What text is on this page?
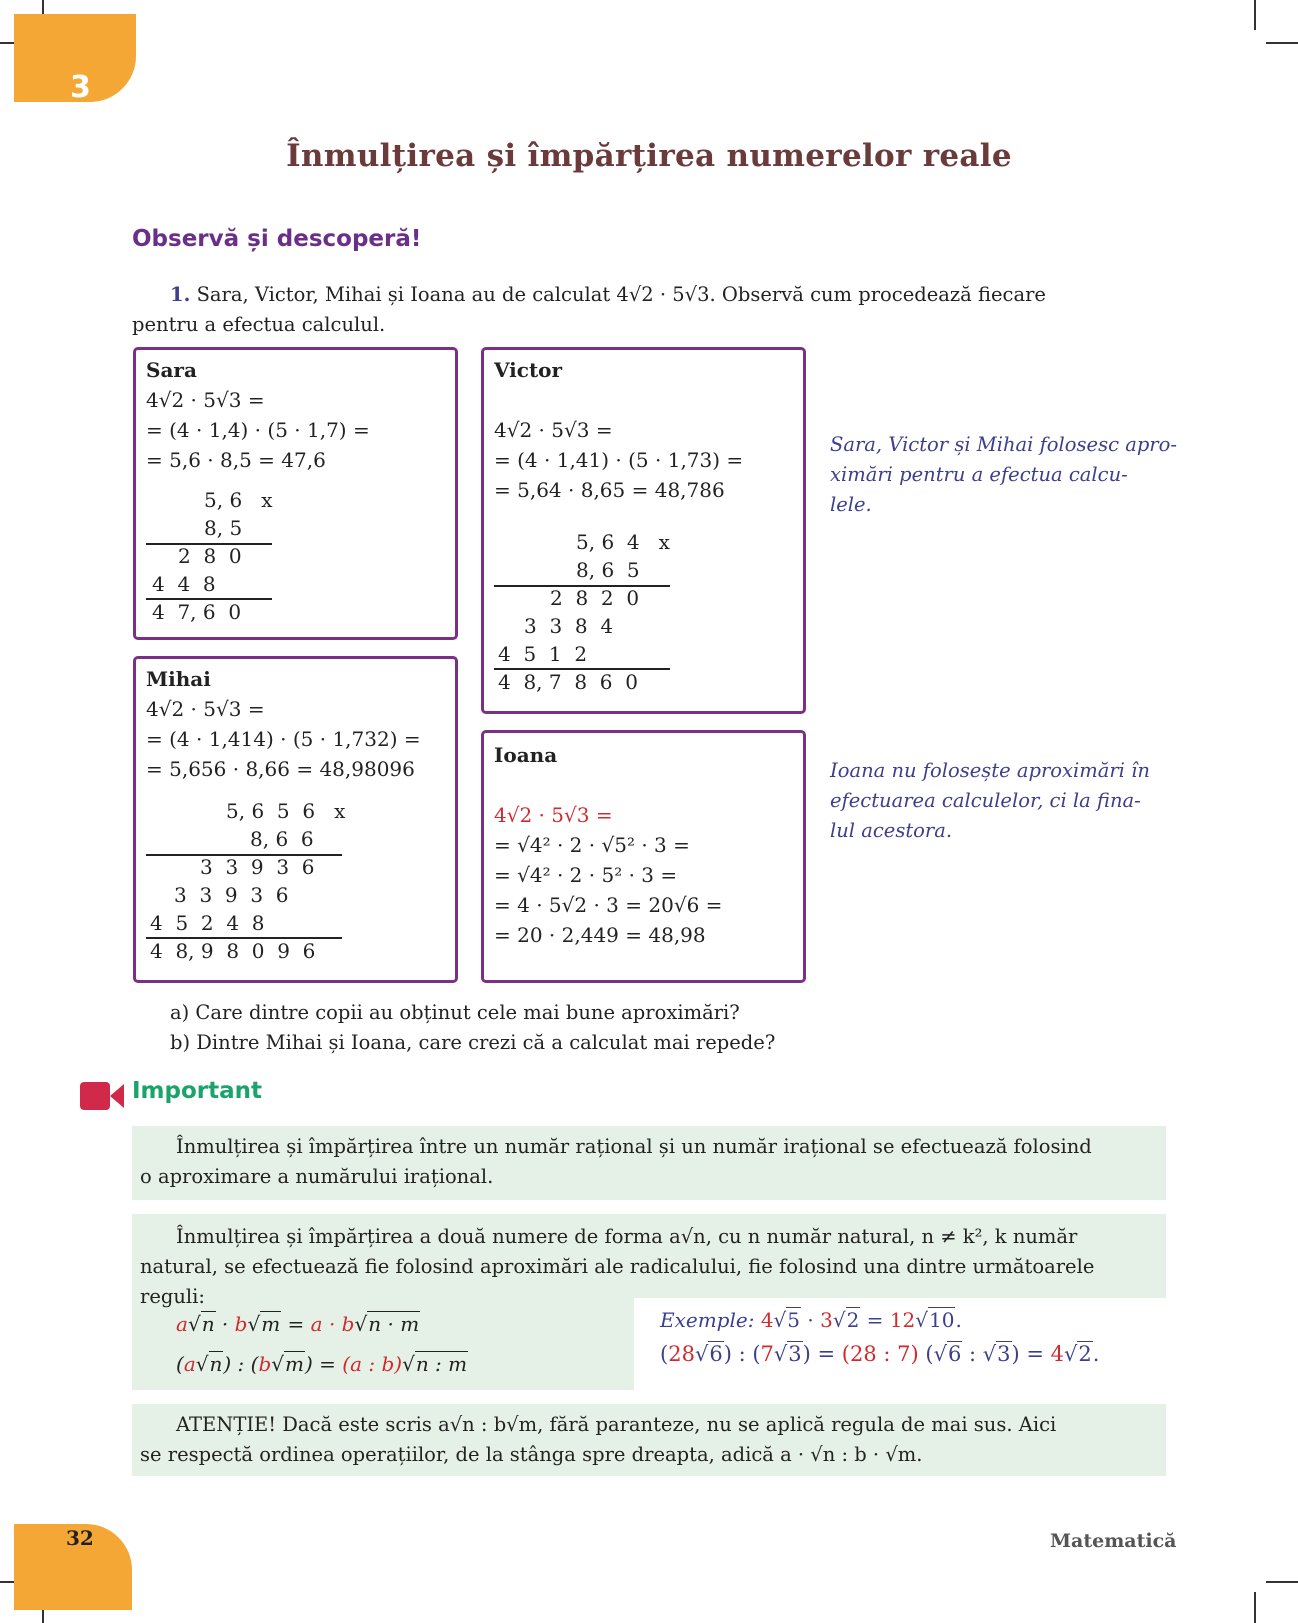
3
Înmulțirea și împărțirea numerelor reale
Observă și descoperă!
1. Sara, Victor, Mihai și Ioana au de calculat 4√2 · 5√3. Observă cum procedează fiecare
pentru a efectua calculul.
Sara
4√2 · 5√3 =
= (4 · 1,4) · (5 · 1,7) =
= 5,6 · 8,5 = 47,6
5, 6   x
8, 5
2  8  0
4  4  8
4  7, 6  0
Victor
4√2 · 5√3 =
= (4 · 1,41) · (5 · 1,73) =
= 5,64 · 8,65 = 48,786
5, 6  4   x
8, 6  5
2  8  2  0
3  3  8  4
4  5  1  2
4  8, 7  8  6  0
Mihai
4√2 · 5√3 =
= (4 · 1,414) · (5 · 1,732) =
= 5,656 · 8,66 = 48,98096
5, 6  5  6   x
8, 6  6
3  3  9  3  6
3  3  9  3  6
4  5  2  4  8
4  8, 9  8  0  9  6
Ioana
4√2 · 5√3 =
= √4² · 2 · √5² · 3 =
= √4² · 2 · 5² · 3 =
= 4 · 5√2 · 3 = 20√6 =
= 20 · 2,449 = 48,98
Sara, Victor și Mihai folosesc apro-
ximări pentru a efectua calcu-
lele.
Ioana nu folosește aproximări în
efectuarea calculelor, ci la fina-
lul acestora.
a) Care dintre copii au obținut cele mai bune aproximări?
b) Dintre Mihai și Ioana, care crezi că a calculat mai repede?
Important
Înmulțirea și împărțirea între un număr rațional și un număr irațional se efectuează folosind
o aproximare a numărului irațional.
Înmulțirea și împărțirea a două numere de forma a√n, cu n număr natural, n ≠ k², k număr
natural, se efectuează fie folosind aproximări ale radicalului, fie folosind una dintre următoarele
reguli:
a√n · b√m = a · b√n · m
(a√n) : (b√m) = (a : b)√n : m
Exemple: 4√5 · 3√2 = 12√10.
(28√6) : (7√3) = (28 : 7) (√6 : √3) = 4√2.
ATENȚIE! Dacă este scris a√n : b√m, fără paranteze, nu se aplică regula de mai sus. Aici
se respectă ordinea operațiilor, de la stânga spre dreapta, adică a · √n : b · √m.
32	Matematică
